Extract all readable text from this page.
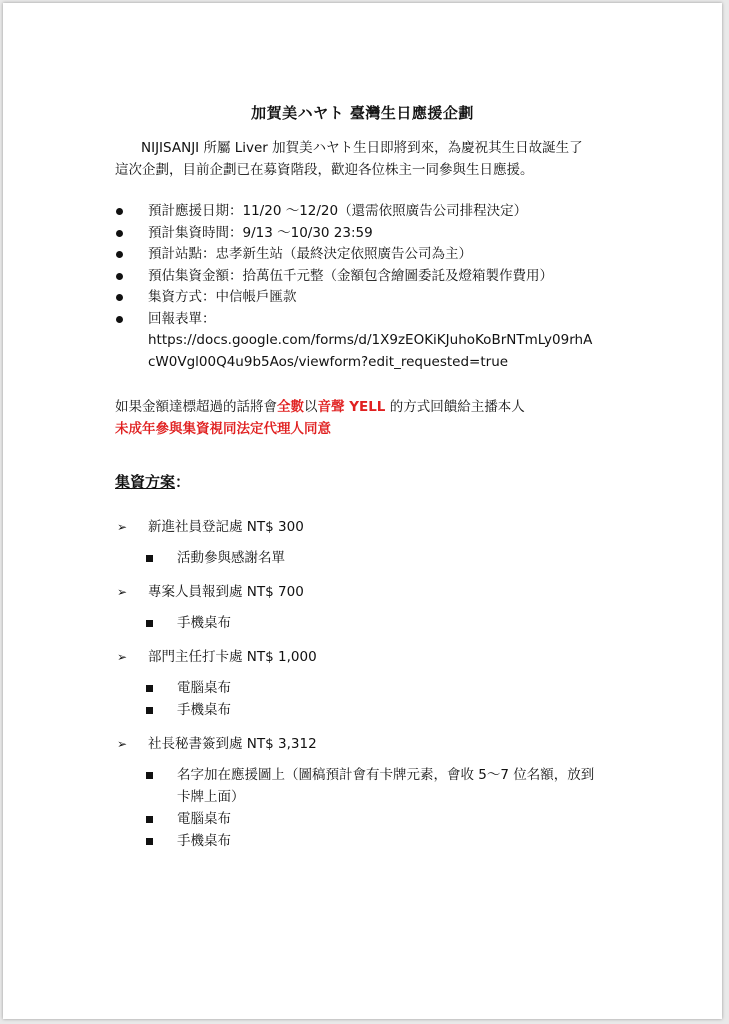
加賀美ハヤト 臺灣生日應援企劃
NIJISANJI 所屬 Liver 加賀美ハヤト生日即將到來，為慶祝其生日故誕生了
這次企劃，目前企劃已在募資階段，歡迎各位株主一同參與生日應援。
預計應援日期：11/20 ～12/20（還需依照廣告公司排程決定）
預計集資時間：9/13 ～10/30 23:59
預計站點：忠孝新生站（最終決定依照廣告公司為主）
預估集資金額：拾萬伍千元整（金額包含繪圖委託及燈箱製作費用）
集資方式：中信帳戶匯款
回報表單：
https://docs.google.com/forms/d/1X9zEOKiKJuhoKoBrNTmLy09rhA
cW0Vgl00Q4u9b5Aos/viewform?edit_requested=true
如果金額達標超過的話將會全數以音聲 YELL 的方式回饋給主播本人
未成年參與集資視同法定代理人同意
集資方案：
➢ 新進社員登記處 NT$ 300
活動參與感謝名單
➢ 專案人員報到處 NT$ 700
手機桌布
➢ 部門主任打卡處 NT$ 1,000
電腦桌布
手機桌布
➢ 社長秘書簽到處 NT$ 3,312
名字加在應援圖上（圖稿預計會有卡牌元素，會收 5～7 位名額，放到卡牌上面）
電腦桌布
手機桌布
